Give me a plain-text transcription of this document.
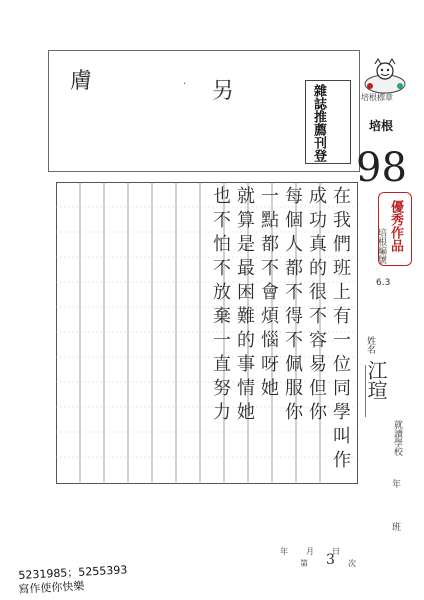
膚	. 另	雜誌推薦刊登	培根標章
培根
98
在我們班上有一位同學叫作
成功真的很不容易但你
每個人都不得不佩服你
一點都不會煩惱呀她
就算是最困難的事情她
也不怕不放棄一直努力	優秀作品
培根編號
6.3
姓名
江瑄
就讀學校
年
班
年月日
第 3 次
5231985；5255393
寫作使你快樂
